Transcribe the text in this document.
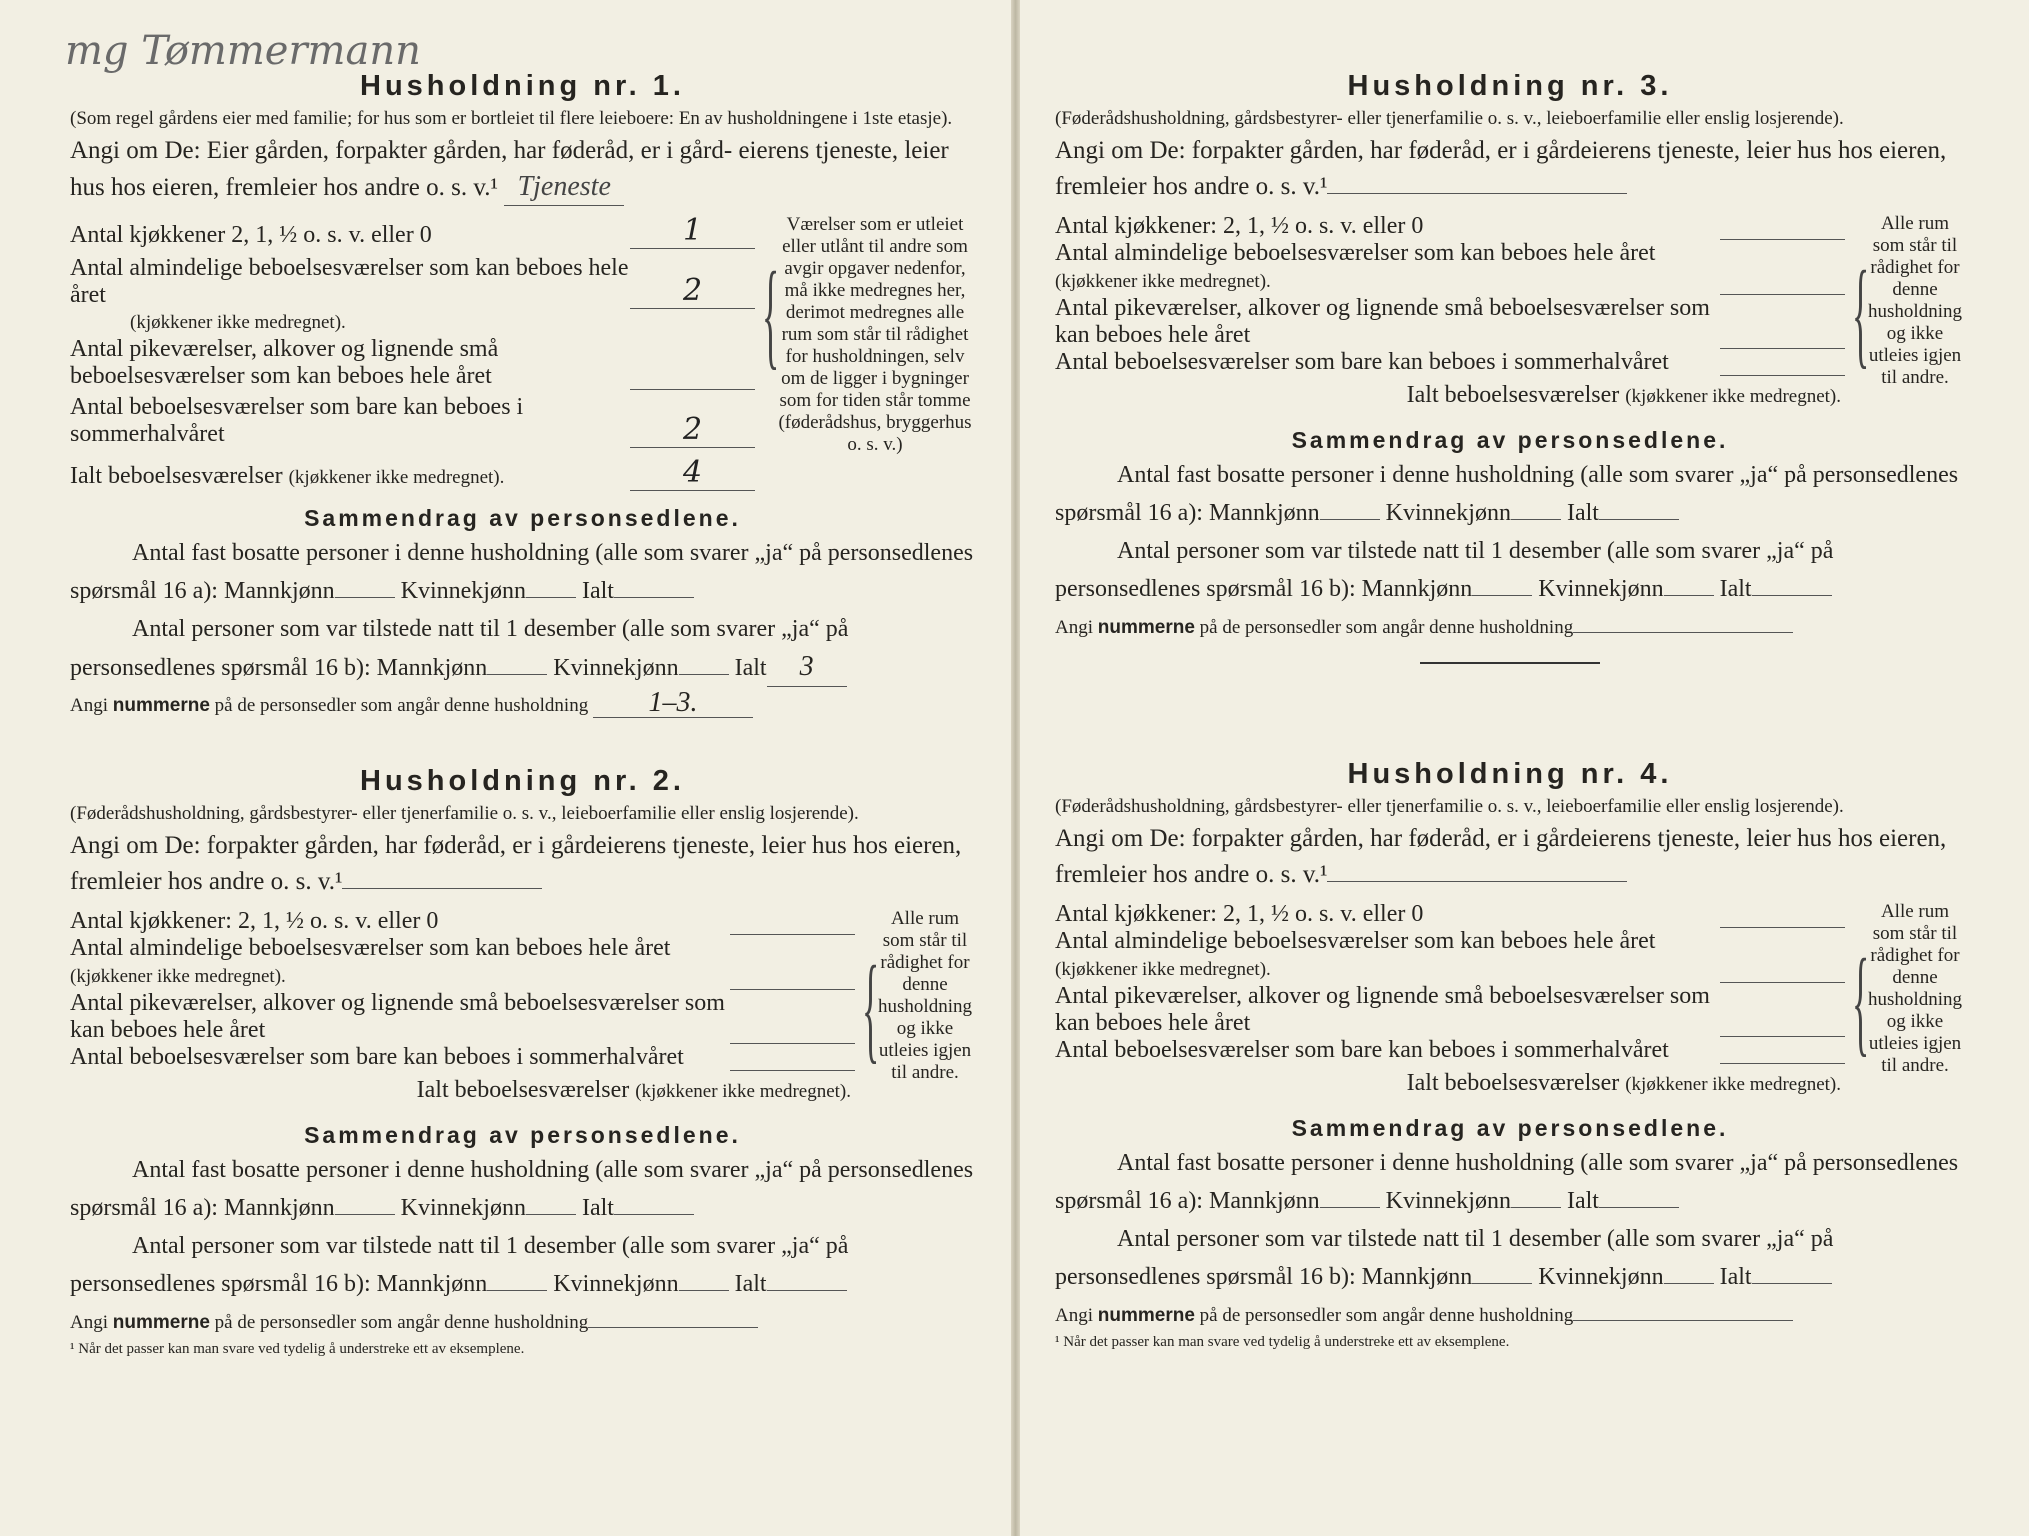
mg Tømmermann
Husholdning nr. 1.

(Som regel gårdens eier med familie; for hus som er bortleiet til flere leieboere: En av husholdningene i 1ste etasje).

Angi om De: Eier gården, forpakter gården, har føderåd, er i gård- eierens tjeneste, leier hus hos eieren, fremleier hos andre o. s. v.¹ Tjeneste

Antal kjøkkener 2, 1, ½ o. s. v. eller 0	1
Antal almindelige beboelsesværelser som kan beboes hele året	2
(kjøkkener ikke medregnet).
Antal pikeværelser, alkover og lignende små beboelsesværelser som kan beboes hele året
Antal beboelsesværelser som bare kan beboes i sommerhalvåret	2
Ialt beboelsesværelser (kjøkkener ikke medregnet).	4
{
Værelser som er utleiet eller utlånt til andre som avgir opgaver nedenfor, må ikke medregnes her, derimot medregnes alle rum som står til rådighet for husholdningen, selv om de ligger i bygninger som for tiden står tomme (føderådshus, bryggerhus o. s. v.)
Sammendrag av personsedlene.

Antal fast bosatte personer i denne husholdning (alle som svarer „ja“ på personsedlenes spørsmål 16 a): Mannkjønn	Kvinnekjønn Ialt

Antal personer som var tilstede natt til 1 desember (alle som svarer „ja“ på personsedlenes spørsmål 16 b): Mannkjønn	Kvinnekjønn Ialt 3

Angi nummerne på de personsedler som angår denne husholdning 1–3.

Husholdning nr. 2.

(Føderådshusholdning, gårdsbestyrer- eller tjenerfamilie o. s. v., leieboerfamilie eller enslig losjerende).

Angi om De: forpakter gården, har føderåd, er i gårdeierens tjeneste, leier hus hos eieren, fremleier hos andre o. s. v.¹

Antal kjøkkener: 2, 1, ½ o. s. v. eller 0
Antal almindelige beboelsesværelser som kan beboes hele året (kjøkkener ikke medregnet).
Antal pikeværelser, alkover og lignende små beboelsesværelser som kan beboes hele året
Antal beboelsesværelser som bare kan beboes i sommerhalvåret
Ialt beboelsesværelser (kjøkkener ikke medregnet).
{
Alle rum som står til rådighet for denne husholdning og ikke utleies igjen til andre.
Sammendrag av personsedlene.

Antal fast bosatte personer i denne husholdning (alle som svarer „ja“ på personsedlenes spørsmål 16 a): Mannkjønn	Kvinnekjønn Ialt

Antal personer som var tilstede natt til 1 desember (alle som svarer „ja“ på personsedlenes spørsmål 16 b): Mannkjønn	Kvinnekjønn Ialt

Angi nummerne på de personsedler som angår denne husholdning

¹ Når det passer kan man svare ved tydelig å understreke ett av eksemplene.
Husholdning nr. 3.

(Føderådshusholdning, gårdsbestyrer- eller tjenerfamilie o. s. v., leieboerfamilie eller enslig losjerende).

Angi om De: forpakter gården, har føderåd, er i gårdeierens tjeneste, leier hus hos eieren, fremleier hos andre o. s. v.¹

Antal kjøkkener: 2, 1, ½ o. s. v. eller 0
Antal almindelige beboelsesværelser som kan beboes hele året (kjøkkener ikke medregnet).
Antal pikeværelser, alkover og lignende små beboelsesværelser som kan beboes hele året
Antal beboelsesværelser som bare kan beboes i sommerhalvåret
Ialt beboelsesværelser (kjøkkener ikke medregnet).
{
Alle rum som står til rådighet for denne husholdning og ikke utleies igjen til andre.
Sammendrag av personsedlene.

Antal fast bosatte personer i denne husholdning (alle som svarer „ja“ på personsedlenes spørsmål 16 a): Mannkjønn	Kvinnekjønn Ialt

Antal personer som var tilstede natt til 1 desember (alle som svarer „ja“ på personsedlenes spørsmål 16 b): Mannkjønn	Kvinnekjønn Ialt

Angi nummerne på de personsedler som angår denne husholdning

Husholdning nr. 4.

(Føderådshusholdning, gårdsbestyrer- eller tjenerfamilie o. s. v., leieboerfamilie eller enslig losjerende).

Angi om De: forpakter gården, har føderåd, er i gårdeierens tjeneste, leier hus hos eieren, fremleier hos andre o. s. v.¹

Antal kjøkkener: 2, 1, ½ o. s. v. eller 0
Antal almindelige beboelsesværelser som kan beboes hele året (kjøkkener ikke medregnet).
Antal pikeværelser, alkover og lignende små beboelsesværelser som kan beboes hele året
Antal beboelsesværelser som bare kan beboes i sommerhalvåret
Ialt beboelsesværelser (kjøkkener ikke medregnet).
{
Alle rum som står til rådighet for denne husholdning og ikke utleies igjen til andre.
Sammendrag av personsedlene.

Antal fast bosatte personer i denne husholdning (alle som svarer „ja“ på personsedlenes spørsmål 16 a): Mannkjønn	Kvinnekjønn Ialt

Antal personer som var tilstede natt til 1 desember (alle som svarer „ja“ på personsedlenes spørsmål 16 b): Mannkjønn	Kvinnekjønn Ialt

Angi nummerne på de personsedler som angår denne husholdning

¹ Når det passer kan man svare ved tydelig å understreke ett av eksemplene.
